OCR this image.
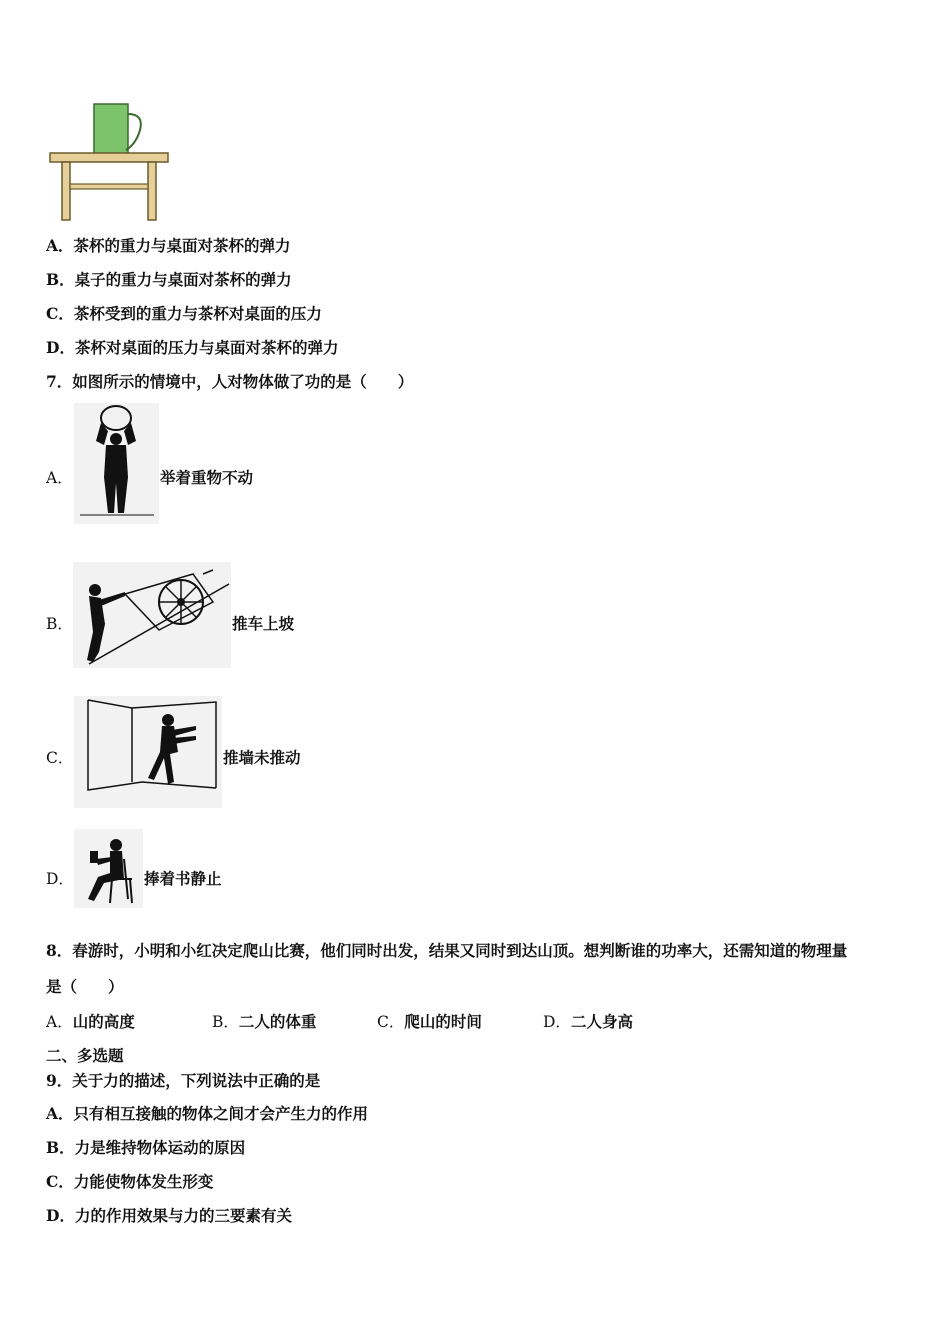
A．茶杯的重力与桌面对茶杯的弹力
B．桌子的重力与桌面对茶杯的弹力
C．茶杯受到的重力与茶杯对桌面的压力
D．茶杯对桌面的压力与桌面对茶杯的弹力
7．如图所示的情境中，人对物体做了功的是（　　）
A．	举着重物不动
B．	推车上坡
C．	推墙未推动
D．	捧着书静止
8．春游时，小明和小红决定爬山比赛，他们同时出发，结果又同时到达山顶。想判断谁的功率大，还需知道的物理量
是（　　）
A．山的高度	B．二人的体重	C．爬山的时间	D．二人身高
二、多选题
9．关于力的描述，下列说法中正确的是
A．只有相互接触的物体之间才会产生力的作用
B．力是维持物体运动的原因
C．力能使物体发生形变
D．力的作用效果与力的三要素有关
